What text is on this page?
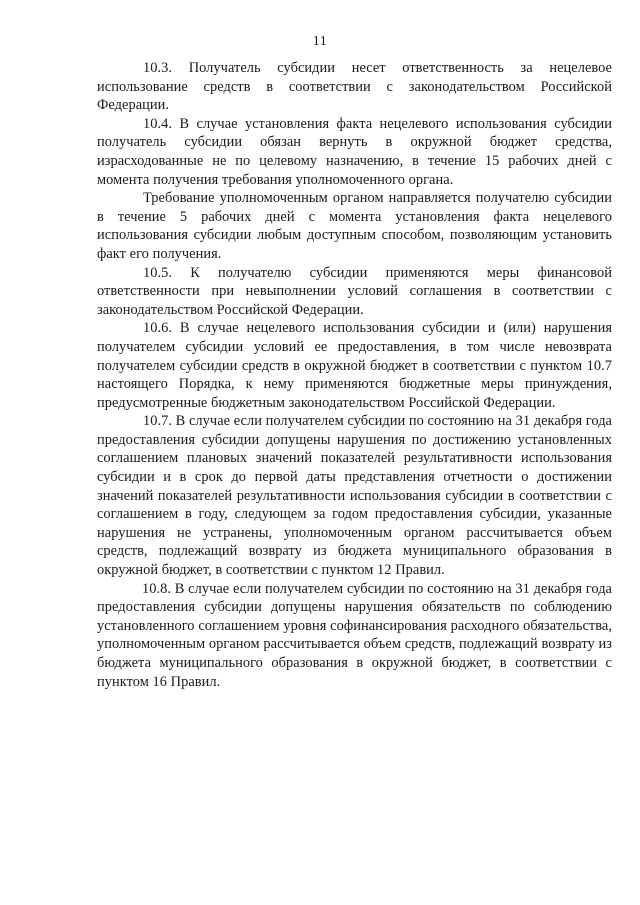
11

10.3. Получатель субсидии несет ответственность за нецелевое использование средств в соответствии с законодательством Российской Федерации.

10.4. В случае установления факта нецелевого использования субсидии получатель субсидии обязан вернуть в окружной бюджет средства, израсходованные не по целевому назначению, в течение 15 рабочих дней с момента получения требования уполномоченного органа.

Требование уполномоченным органом направляется получателю субсидии в течение 5 рабочих дней с момента установления факта нецелевого использования субсидии любым доступным способом, позволяющим установить факт его получения.

10.5. К получателю субсидии применяются меры финансовой ответственности при невыполнении условий соглашения в соответствии с законодательством Российской Федерации.

10.6. В случае нецелевого использования субсидии и (или) нарушения получателем субсидии условий ее предоставления, в том числе невозврата получателем субсидии средств в окружной бюджет в соответствии с пунктом 10.7 настоящего Порядка, к нему применяются бюджетные меры принуждения, предусмотренные бюджетным законодательством Российской Федерации.

10.7. В случае если получателем субсидии по состоянию на 31 декабря года предоставления субсидии допущены нарушения по достижению установленных соглашением плановых значений показателей результативности использования субсидии и в срок до первой даты представления отчетности о достижении значений показателей результативности использования субсидии в соответствии с соглашением в году, следующем за годом предоставления субсидии, указанные нарушения не устранены, уполномоченным органом рассчитывается объем средств, подлежащий возврату из бюджета муниципального образования в окружной бюджет, в соответствии с пунктом 12 Правил.

10.8. В случае если получателем субсидии по состоянию на 31 декабря года предоставления субсидии допущены нарушения обязательств по соблюдению установленного соглашением уровня софинансирования расходного обязательства, уполномоченным органом рассчитывается объем средств, подлежащий возврату из бюджета муниципального образования в окружной бюджет, в соответствии с пунктом 16 Правил.
